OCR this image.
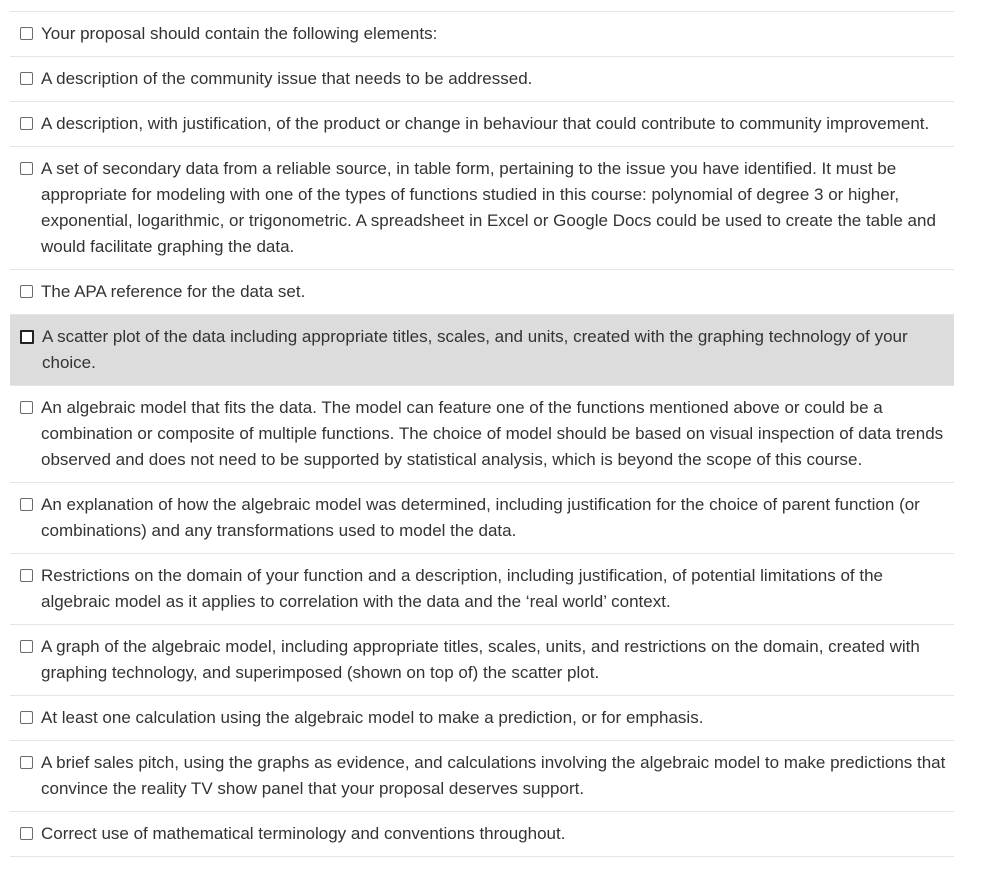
Your proposal should contain the following elements:
A description of the community issue that needs to be addressed.
A description, with justification, of the product or change in behaviour that could contribute to community improvement.
A set of secondary data from a reliable source, in table form, pertaining to the issue you have identified. It must be appropriate for modeling with one of the types of functions studied in this course: polynomial of degree 3 or higher, exponential, logarithmic, or trigonometric. A spreadsheet in Excel or Google Docs could be used to create the table and would facilitate graphing the data.
The APA reference for the data set.
A scatter plot of the data including appropriate titles, scales, and units, created with the graphing technology of your choice.
An algebraic model that fits the data. The model can feature one of the functions mentioned above or could be a combination or composite of multiple functions. The choice of model should be based on visual inspection of data trends observed and does not need to be supported by statistical analysis, which is beyond the scope of this course.
An explanation of how the algebraic model was determined, including justification for the choice of parent function (or combinations) and any transformations used to model the data.
Restrictions on the domain of your function and a description, including justification, of potential limitations of the algebraic model as it applies to correlation with the data and the ‘real world’ context.
A graph of the algebraic model, including appropriate titles, scales, units, and restrictions on the domain, created with graphing technology, and superimposed (shown on top of) the scatter plot.
At least one calculation using the algebraic model to make a prediction, or for emphasis.
A brief sales pitch, using the graphs as evidence, and calculations involving the algebraic model to make predictions that convince the reality TV show panel that your proposal deserves support.
Correct use of mathematical terminology and conventions throughout.
